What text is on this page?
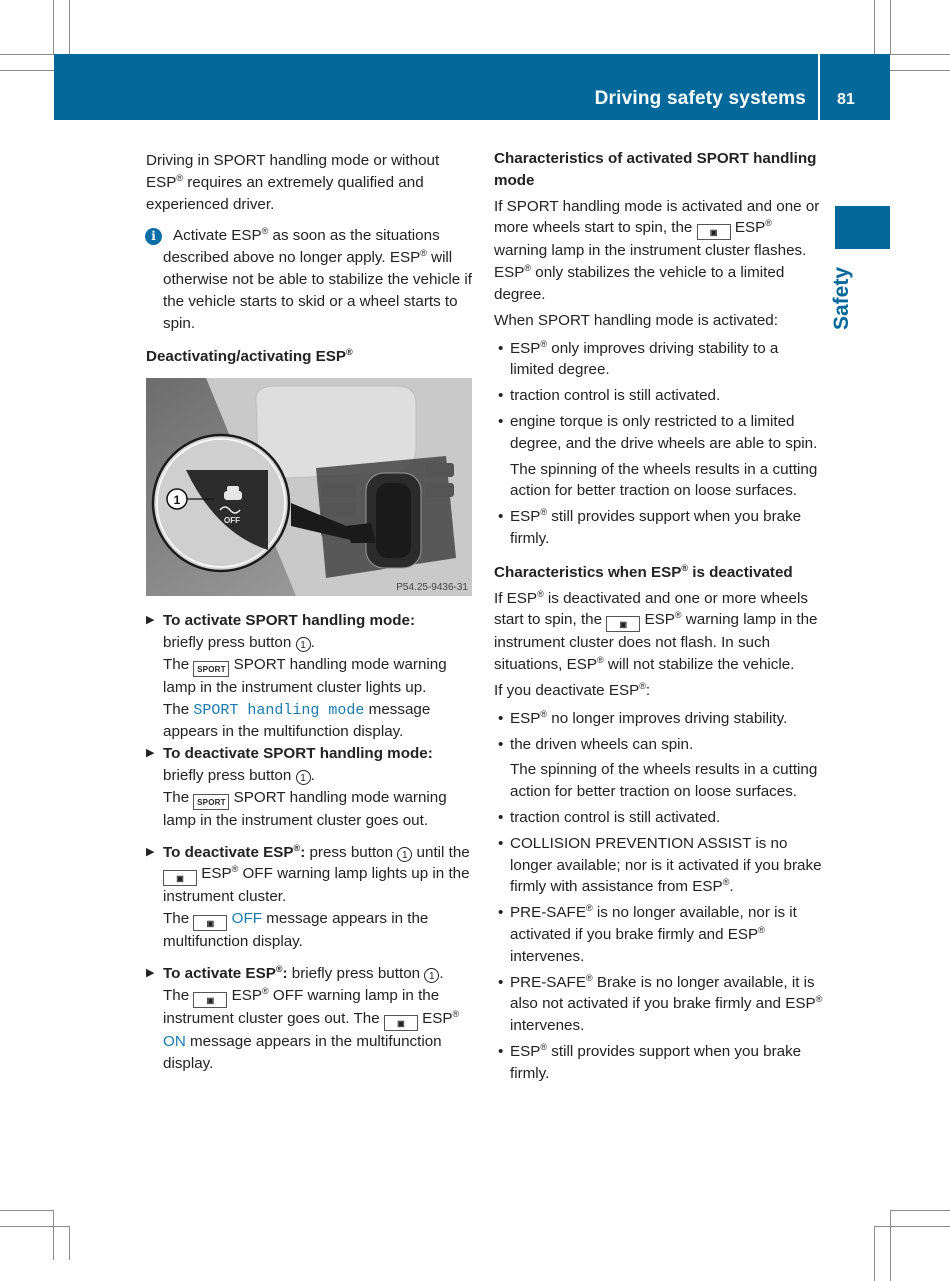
Driving safety systems 81
Safety

Driving in SPORT handling mode or without ESP® requires an extremely qualified and experienced driver.

i	Activate ESP® as soon as the situations described above no longer apply. ESP® will otherwise not be able to stabilize the vehicle if the vehicle starts to skid or a wheel starts to spin.

Deactivating/activating ESP®
OFF
1
P54.25-9436-31
▶ To activate SPORT handling mode:
briefly press button 1 .
The SPORT SPORT handling mode warning lamp in the instrument cluster lights up.
The SPORT handling mode message appears in the multifunction display.

▶ To deactivate SPORT handling mode:
briefly press button 1 .
The SPORT SPORT handling mode warning lamp in the instrument cluster goes out.

▶ To deactivate ESP®: press button 1 until the ▣ ESP® OFF warning lamp lights up in the instrument cluster.
The ▣ OFF message appears in the multifunction display.

▶ To activate ESP®: briefly press button 1 .
The ▣ ESP® OFF warning lamp in the instrument cluster goes out. The ▣ ESP® ON message appears in the multifunction display.

Characteristics of activated SPORT handling mode

If SPORT handling mode is activated and one or more wheels start to spin, the ▣ ESP® warning lamp in the instrument cluster flashes. ESP® only stabilizes the vehicle to a limited degree.

When SPORT handling mode is activated:

• ESP® only improves driving stability to a limited degree.
• traction control is still activated.
• engine torque is only restricted to a limited degree, and the drive wheels are able to spin.

The spinning of the wheels results in a cutting action for better traction on loose surfaces.

• ESP® still provides support when you brake firmly.
Characteristics when ESP® is deactivated

If ESP® is deactivated and one or more wheels start to spin, the ▣ ESP® warning lamp in the instrument cluster does not flash. In such situations, ESP® will not stabilize the vehicle.

If you deactivate ESP®:

• ESP® no longer improves driving stability.
• the driven wheels can spin.

The spinning of the wheels results in a cutting action for better traction on loose surfaces.

• traction control is still activated.
• COLLISION PREVENTION ASSIST is no longer available; nor is it activated if you brake firmly with assistance from ESP®.
• PRE-SAFE® is no longer available, nor is it activated if you brake firmly and ESP® intervenes.
• PRE-SAFE® Brake is no longer available, it is also not activated if you brake firmly and ESP® intervenes.
• ESP® still provides support when you brake firmly.
